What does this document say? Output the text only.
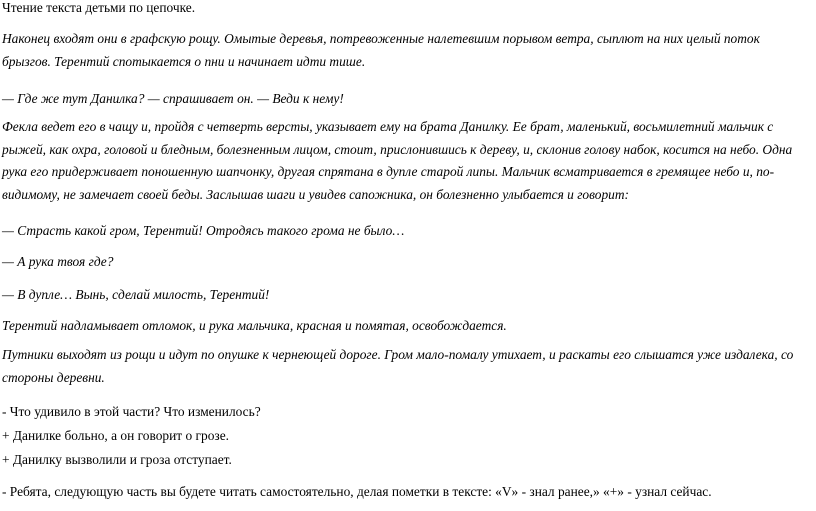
Чтение текста детьми по цепочке.
Наконец входят они в графскую рощу. Омытые деревья, потревоженные налетевшим порывом ветра, сыплют на них целый поток брызгов. Терентий спотыкается о пни и начинает идти тише.
— Где же тут Данилка? — спрашивает он. — Веди к нему!
Фекла ведет его в чащу и, пройдя с четверть версты, указывает ему на брата Данилку. Ее брат, маленький, восьмилетний мальчик с рыжей, как охра, головой и бледным, болезненным лицом, стоит, прислонившись к дереву, и, склонив голову набок, косится на небо. Одна рука его придерживает поношенную шапчонку, другая спрятана в дупле старой липы. Мальчик всматривается в гремящее небо и, по-видимому, не замечает своей беды. Заслышав шаги и увидев сапожника, он болезненно улыбается и говорит:
— Страсть какой гром, Терентий! Отродясь такого грома не было…
— А рука твоя где?
— В дупле… Вынь, сделай милость, Терентий!
Терентий надламывает отломок, и рука мальчика, красная и помятая, освобождается.
Путники выходят из рощи и идут по опушке к чернеющей дороге. Гром мало-помалу утихает, и раскаты его слышатся уже издалека, со стороны деревни.
- Что удивило в этой части? Что изменилось?
+ Данилке больно, а он говорит о грозе.
+ Данилку вызволили и гроза отступает.
- Ребята, следующую часть вы будете читать самостоятельно, делая пометки в тексте: «V» - знал ранее,» «+» - узнал сейчас.
